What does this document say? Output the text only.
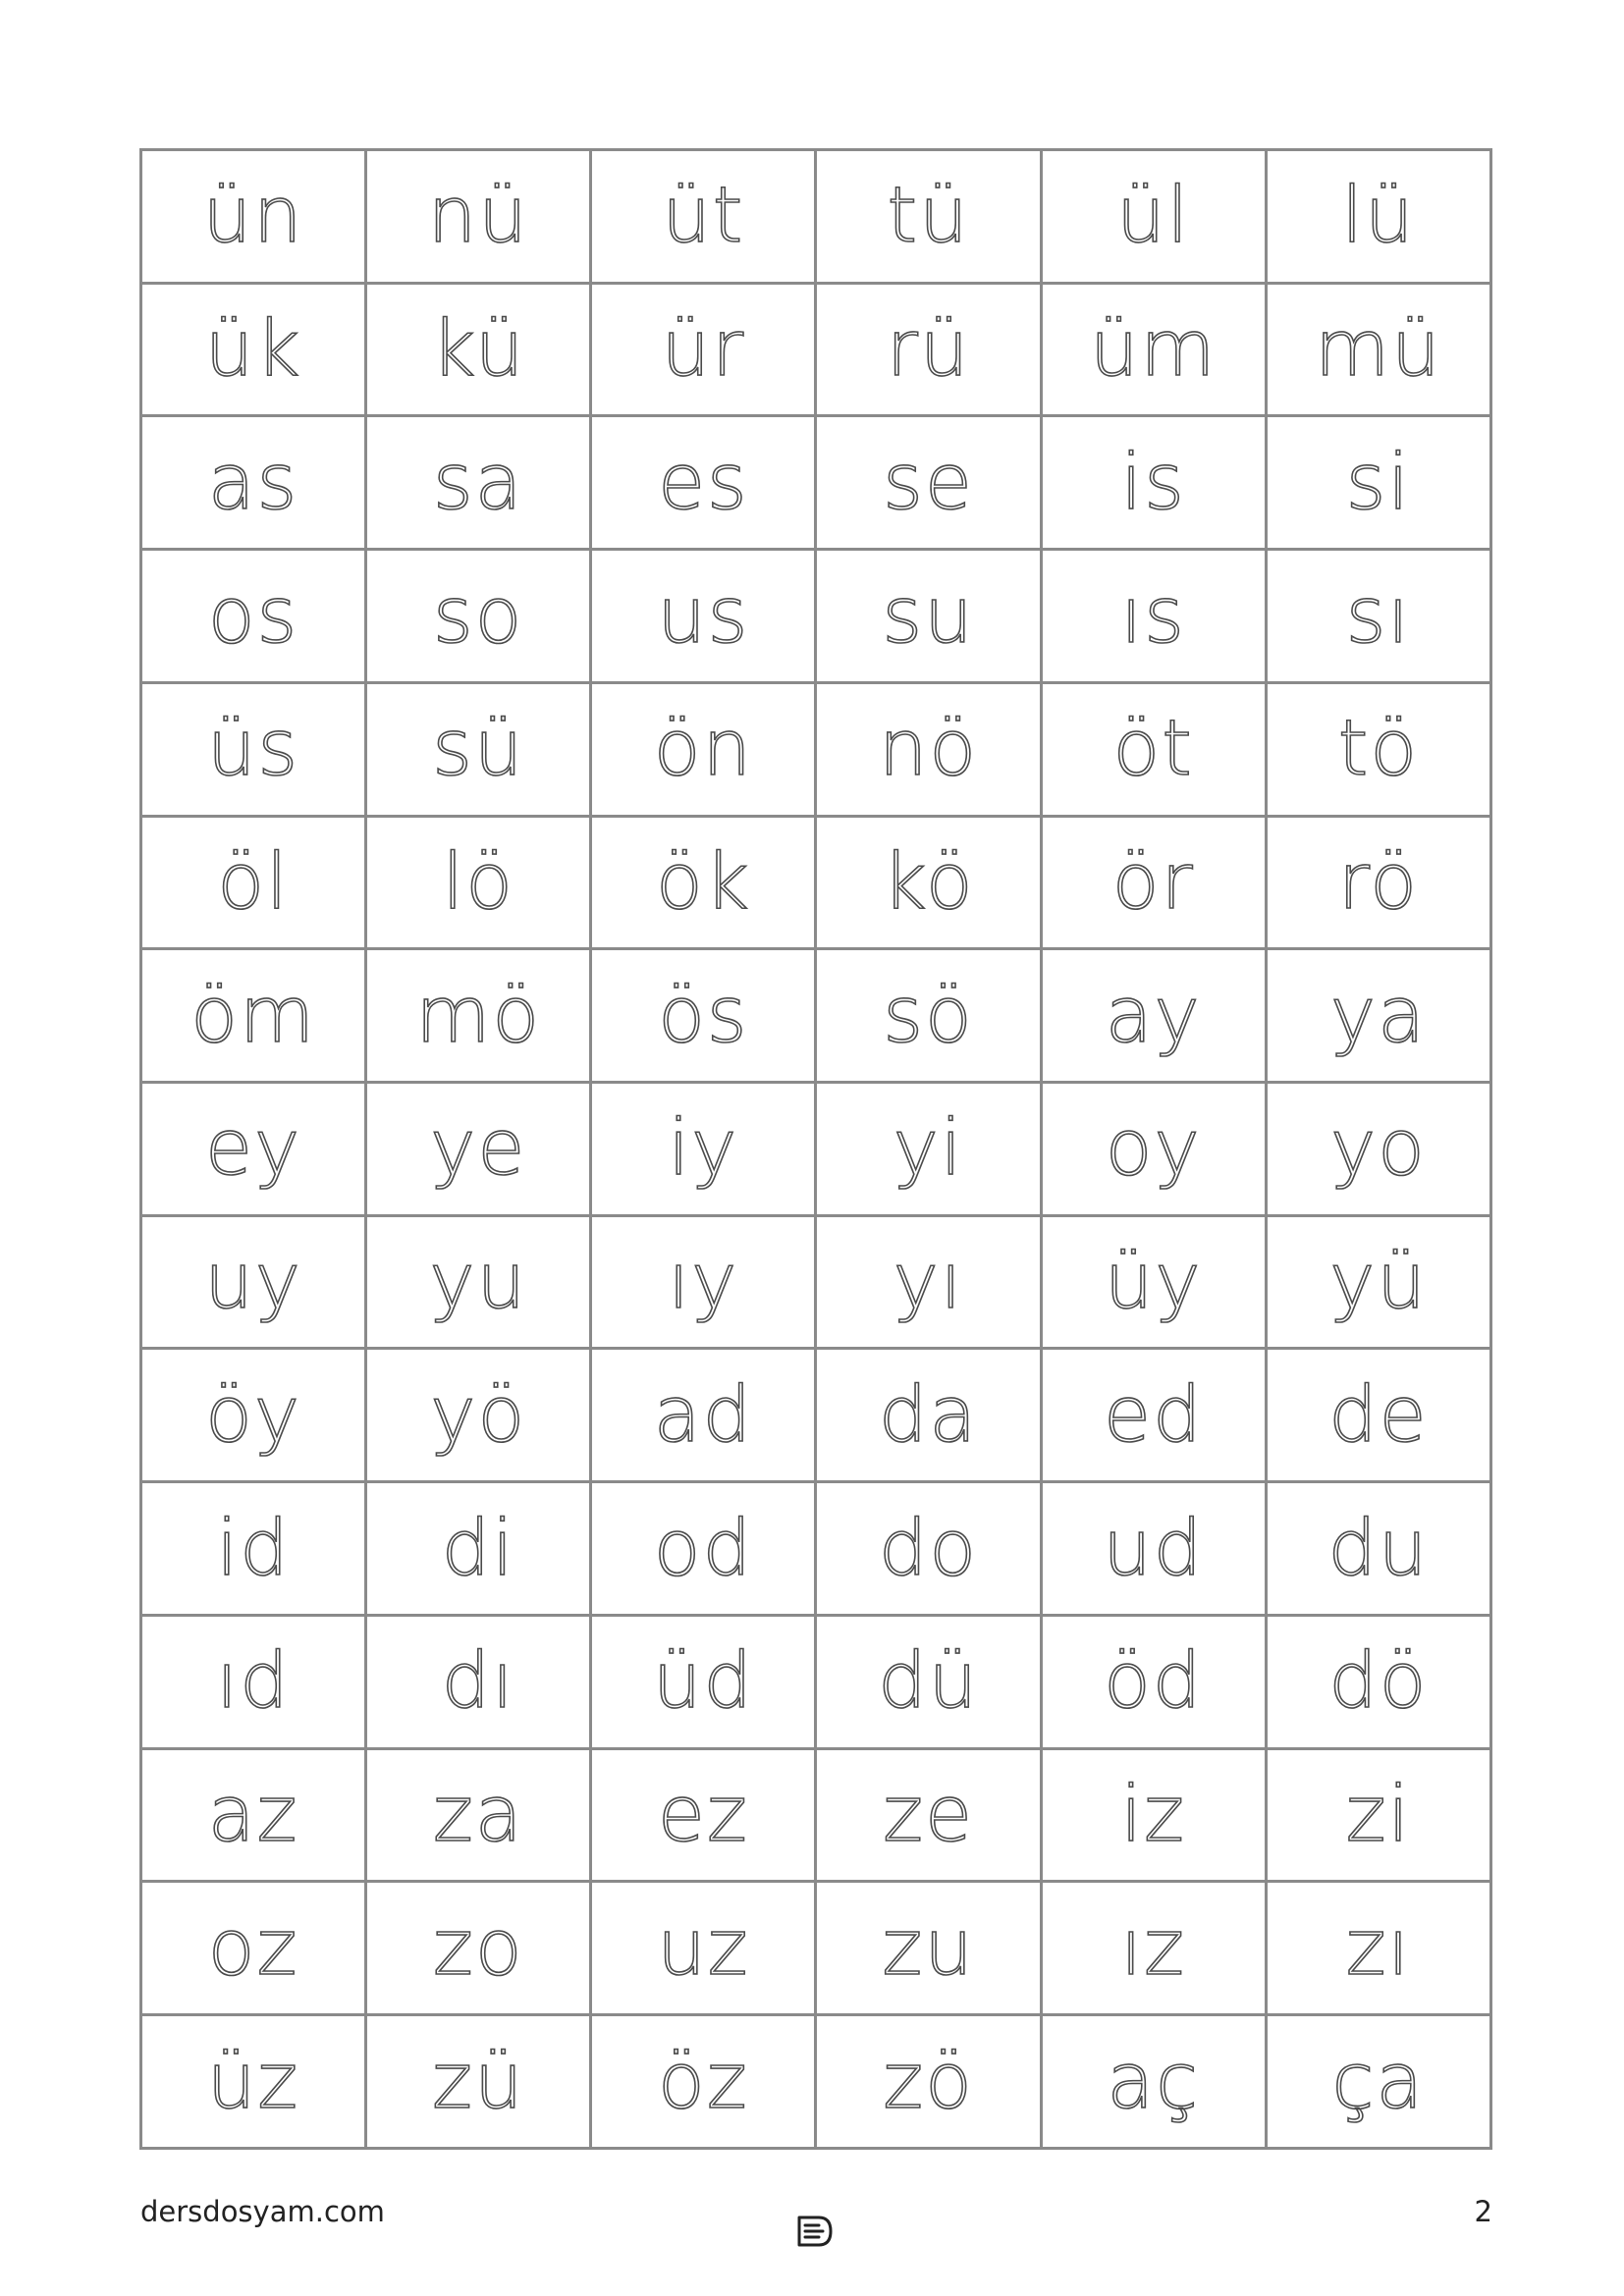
ün	nü	üt	tü	ül	lü
ük	kü	ür	rü	üm	mü
as	sa	es	se	is	si
os	so	us	su	ıs	sı
üs	sü	ön	nö	öt	tö
öl	lö	ök	kö	ör	rö
öm	mö	ös	sö	ay	ya
ey	ye	iy	yi	oy	yo
uy	yu	ıy	yı	üy	yü
öy	yö	ad	da	ed	de
id	di	od	do	ud	du
ıd	dı	üd	dü	öd	dö
az	za	ez	ze	iz	zi
oz	zo	uz	zu	ız	zı
üz	zü	öz	zö	aç	ça
dersdosyam.com	2
